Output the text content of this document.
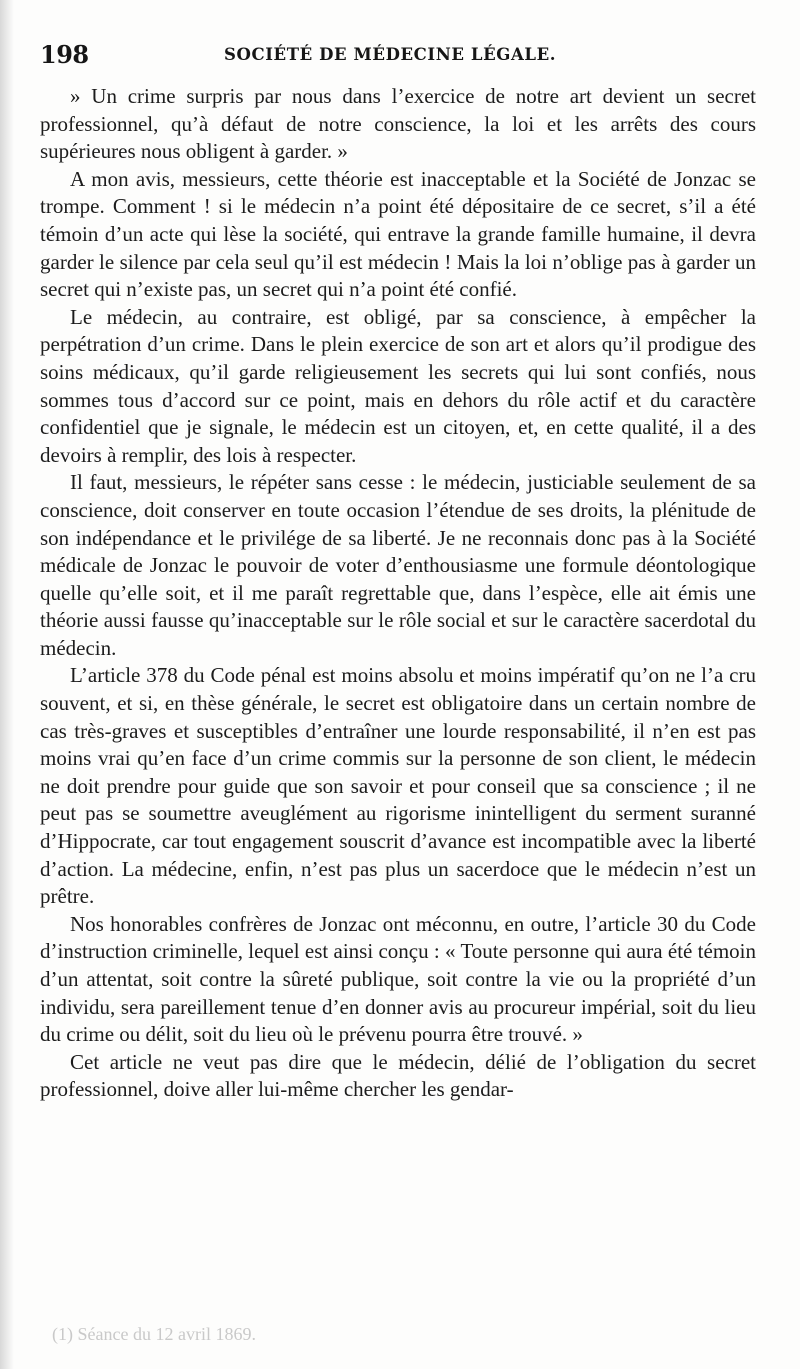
198	SOCIÉTÉ DE MÉDECINE LÉGALE.

» Un crime surpris par nous dans l’exercice de notre art devient un secret professionnel, qu’à défaut de notre conscience, la loi et les arrêts des cours supérieures nous obligent à garder. »

A mon avis, messieurs, cette théorie est inacceptable et la Société de Jonzac se trompe. Comment ! si le médecin n’a point été dépositaire de ce secret, s’il a été témoin d’un acte qui lèse la société, qui entrave la grande famille humaine, il devra garder le silence par cela seul qu’il est médecin ! Mais la loi n’oblige pas à garder un secret qui n’existe pas, un secret qui n’a point été confié.

Le médecin, au contraire, est obligé, par sa conscience, à empêcher la perpétration d’un crime. Dans le plein exercice de son art et alors qu’il prodigue des soins médicaux, qu’il garde religieusement les secrets qui lui sont confiés, nous sommes tous d’accord sur ce point, mais en dehors du rôle actif et du caractère confidentiel que je signale, le médecin est un citoyen, et, en cette qualité, il a des devoirs à remplir, des lois à respecter.

Il faut, messieurs, le répéter sans cesse : le médecin, justiciable seulement de sa conscience, doit conserver en toute occasion l’étendue de ses droits, la plénitude de son indépendance et le privilége de sa liberté. Je ne reconnais donc pas à la Société médicale de Jonzac le pouvoir de voter d’enthousiasme une formule déontologique quelle qu’elle soit, et il me paraît regrettable que, dans l’espèce, elle ait émis une théorie aussi fausse qu’inacceptable sur le rôle social et sur le caractère sacerdotal du médecin.

L’article 378 du Code pénal est moins absolu et moins impératif qu’on ne l’a cru souvent, et si, en thèse générale, le secret est obligatoire dans un certain nombre de cas très-graves et susceptibles d’entraîner une lourde responsabilité, il n’en est pas moins vrai qu’en face d’un crime commis sur la personne de son client, le médecin ne doit prendre pour guide que son savoir et pour conseil que sa conscience ; il ne peut pas se soumettre aveuglément au rigorisme inintelligent du serment suranné d’Hippocrate, car tout engagement souscrit d’avance est incompatible avec la liberté d’action. La médecine, enfin, n’est pas plus un sacerdoce que le médecin n’est un prêtre.

Nos honorables confrères de Jonzac ont méconnu, en outre, l’article 30 du Code d’instruction criminelle, lequel est ainsi conçu : « Toute personne qui aura été témoin d’un attentat, soit contre la sûreté publique, soit contre la vie ou la propriété d’un individu, sera pareillement tenue d’en donner avis au procureur impérial, soit du lieu du crime ou délit, soit du lieu où le prévenu pourra être trouvé. »

Cet article ne veut pas dire que le médecin, délié de l’obligation du secret professionnel, doive aller lui-même chercher les gendar-

(1) Séance du 12 avril 1869.
